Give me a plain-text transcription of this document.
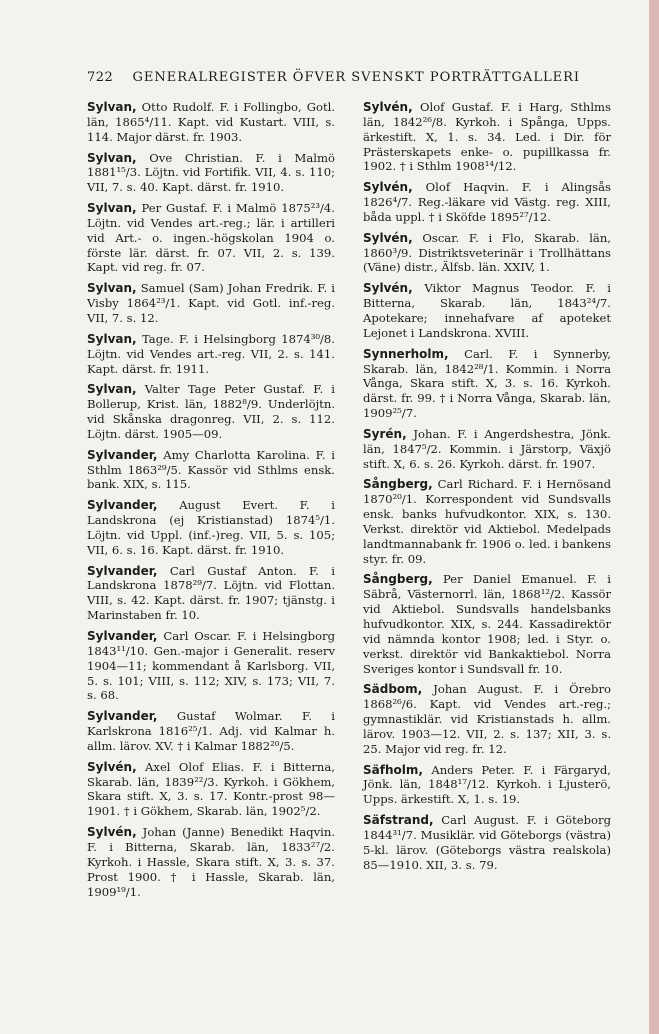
722 GENERALREGISTER ÖFVER SVENSKT PORTRÄTTGALLERI

Sylvan, Otto Rudolf. F. i Follingbo, Gotl. län, 1865⁴/11. Kapt. vid Kustart. VIII, s. 114. Major därst. fr. 1903.

Sylvan, Ove Christian. F. i Malmö 1881¹⁵/3. Löjtn. vid Fortifik. VII, 4. s. 110; VII, 7. s. 40. Kapt. därst. fr. 1910.

Sylvan, Per Gustaf. F. i Malmö 1875²³/4. Löjtn. vid Vendes art.-reg.; lär. i artilleri vid Art.- o. ingen.-högskolan 1904 o. förste lär. därst. fr. 07. VII, 2. s. 139. Kapt. vid reg. fr. 07.

Sylvan, Samuel (Sam) Johan Fredrik. F. i Visby 1864²³/1. Kapt. vid Gotl. inf.-reg. VII, 7. s. 12.

Sylvan, Tage. F. i Helsingborg 1874³⁰/8. Löjtn. vid Vendes art.-reg. VII, 2. s. 141. Kapt. därst. fr. 1911.

Sylvan, Valter Tage Peter Gustaf. F. i Bollerup, Krist. län, 1882⁸/9. Underlöjtn. vid Skånska dragonreg. VII, 2. s. 112. Löjtn. därst. 1905—09.

Sylvander, Amy Charlotta Karolina. F. i Sthlm 1863²⁹/5. Kassör vid Sthlms ensk. bank. XIX, s. 115.

Sylvander, August Evert. F. i Landskrona (ej Kristianstad) 1874⁵/1. Löjtn. vid Uppl. (inf.-)reg. VII, 5. s. 105; VII, 6. s. 16. Kapt. därst. fr. 1910.

Sylvander, Carl Gustaf Anton. F. i Landskrona 1878²⁹/7. Löjtn. vid Flottan. VIII, s. 42. Kapt. därst. fr. 1907; tjänstg. i Marinstaben fr. 10.

Sylvander, Carl Oscar. F. i Helsingborg 1843¹¹/10. Gen.-major i Generalit. reserv 1904—11; kommendant å Karlsborg. VII, 5. s. 101; VIII, s. 112; XIV, s. 173; VII, 7. s. 68.

Sylvander, Gustaf Wolmar. F. i Karlskrona 1816²⁵/1. Adj. vid Kalmar h. allm. lärov. XV. † i Kalmar 1882²⁰/5.

Sylvén, Axel Olof Elias. F. i Bitterna, Skarab. län, 1839²²/3. Kyrkoh. i Gökhem, Skara stift. X, 3. s. 17. Kontr.-prost 98—1901. † i Gökhem, Skarab. län, 1902⁵/2.

Sylvén, Johan (Janne) Benedikt Haqvin. F. i Bitterna, Skarab. län, 1833²⁷/2. Kyrkoh. i Hassle, Skara stift. X, 3. s. 37. Prost 1900. † i Hassle, Skarab. län, 1909¹⁹/1.

Sylvén, Olof Gustaf. F. i Harg, Sthlms län, 1842²⁶/8. Kyrkoh. i Spånga, Upps. ärkestift. X, 1. s. 34. Led. i Dir. för Prästerskapets enke- o. pupillkassa fr. 1902. † i Sthlm 1908¹⁴/12.

Sylvén, Olof Haqvin. F. i Alingsås 1826⁴/7. Reg.-läkare vid Västg. reg. XIII, båda uppl. † i Sköfde 1895²⁷/12.

Sylvén, Oscar. F. i Flo, Skarab. län, 1860³/9. Distriktsveterinär i Trollhättans (Väne) distr., Älfsb. län. XXIV, 1.

Sylvén, Viktor Magnus Teodor. F. i Bitterna, Skarab. län, 1843²⁴/7. Apotekare; innehafvare af apoteket Lejonet i Landskrona. XVIII.

Synnerholm, Carl. F. i Synnerby, Skarab. län, 1842²⁸/1. Kommin. i Norra Vånga, Skara stift. X, 3. s. 16. Kyrkoh. därst. fr. 99. † i Norra Vånga, Skarab. län, 1909²⁵/7.

Syrén, Johan. F. i Angerdshestra, Jönk. län, 1847⁵/2. Kommin. i Järstorp, Växjö stift. X, 6. s. 26. Kyrkoh. därst. fr. 1907.

Sångberg, Carl Richard. F. i Hernösand 1870²⁰/1. Korrespondent vid Sundsvalls ensk. banks hufvudkontor. XIX, s. 130. Verkst. direktör vid Aktiebol. Medelpads landtmannabank fr. 1906 o. led. i bankens styr. fr. 09.

Sångberg, Per Daniel Emanuel. F. i Säbrå, Västernorrl. län, 1868¹²/2. Kassör vid Aktiebol. Sundsvalls handelsbanks hufvudkontor. XIX, s. 244. Kassadirektör vid nämnda kontor 1908; led. i Styr. o. verkst. direktör vid Bankaktiebol. Norra Sveriges kontor i Sundsvall fr. 10.

Sädbom, Johan August. F. i Örebro 1868²⁶/6. Kapt. vid Vendes art.-reg.; gymnastiklär. vid Kristianstads h. allm. lärov. 1903—12. VII, 2. s. 137; XII, 3. s. 25. Major vid reg. fr. 12.

Säfholm, Anders Peter. F. i Färgaryd, Jönk. län, 1848¹⁷/12. Kyrkoh. i Ljusterö, Upps. ärkestift. X, 1. s. 19.

Säfstrand, Carl August. F. i Göteborg 1844³¹/7. Musiklär. vid Göteborgs (västra) 5-kl. lärov. (Göteborgs västra realskola) 85—1910. XII, 3. s. 79.
